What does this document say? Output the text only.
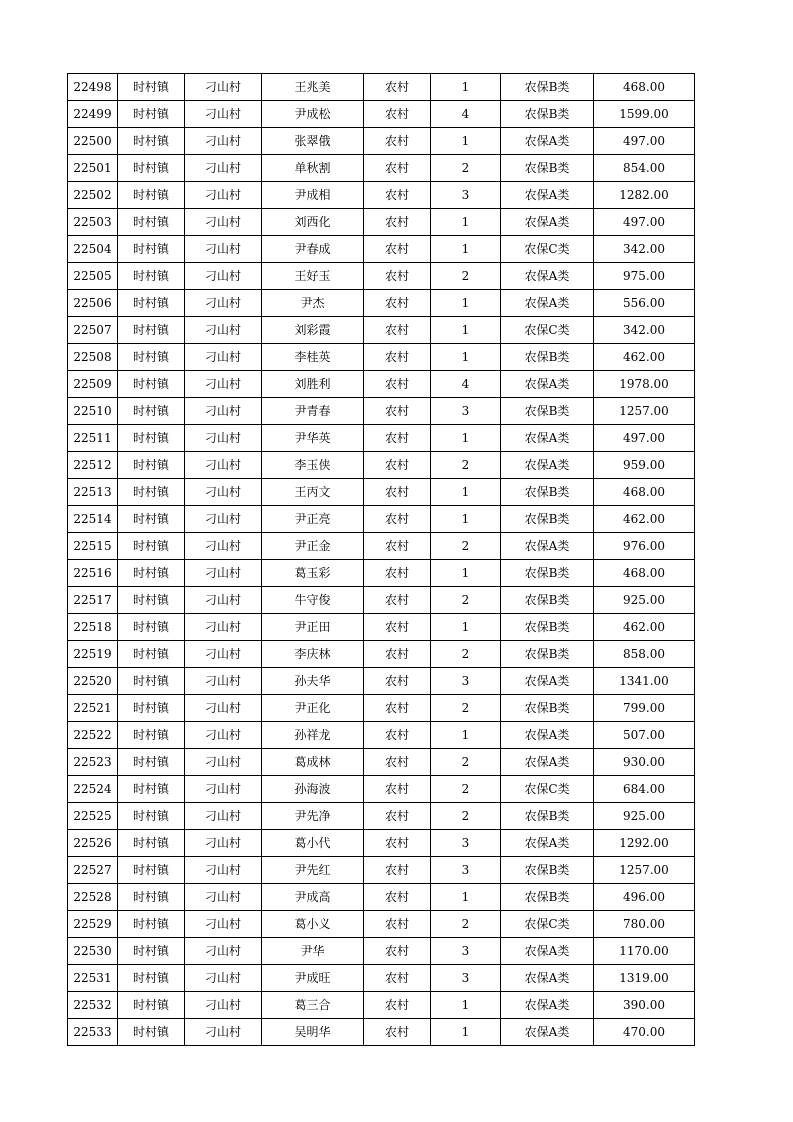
22498	时村镇	刁山村	王兆美	农村	1	农保B类	468.00
22499	时村镇	刁山村	尹成松	农村	4	农保B类	1599.00
22500	时村镇	刁山村	张翠俄	农村	1	农保A类	497.00
22501	时村镇	刁山村	单秋割	农村	2	农保B类	854.00
22502	时村镇	刁山村	尹成相	农村	3	农保A类	1282.00
22503	时村镇	刁山村	刘西化	农村	1	农保A类	497.00
22504	时村镇	刁山村	尹春成	农村	1	农保C类	342.00
22505	时村镇	刁山村	王好玉	农村	2	农保A类	975.00
22506	时村镇	刁山村	尹杰	农村	1	农保A类	556.00
22507	时村镇	刁山村	刘彩霞	农村	1	农保C类	342.00
22508	时村镇	刁山村	李桂英	农村	1	农保B类	462.00
22509	时村镇	刁山村	刘胜利	农村	4	农保A类	1978.00
22510	时村镇	刁山村	尹青春	农村	3	农保B类	1257.00
22511	时村镇	刁山村	尹华英	农村	1	农保A类	497.00
22512	时村镇	刁山村	李玉侠	农村	2	农保A类	959.00
22513	时村镇	刁山村	王丙文	农村	1	农保B类	468.00
22514	时村镇	刁山村	尹正亮	农村	1	农保B类	462.00
22515	时村镇	刁山村	尹正金	农村	2	农保A类	976.00
22516	时村镇	刁山村	葛玉彩	农村	1	农保B类	468.00
22517	时村镇	刁山村	牛守俊	农村	2	农保B类	925.00
22518	时村镇	刁山村	尹正田	农村	1	农保B类	462.00
22519	时村镇	刁山村	李庆林	农村	2	农保B类	858.00
22520	时村镇	刁山村	孙夫华	农村	3	农保A类	1341.00
22521	时村镇	刁山村	尹正化	农村	2	农保B类	799.00
22522	时村镇	刁山村	孙祥龙	农村	1	农保A类	507.00
22523	时村镇	刁山村	葛成林	农村	2	农保A类	930.00
22524	时村镇	刁山村	孙海波	农村	2	农保C类	684.00
22525	时村镇	刁山村	尹先净	农村	2	农保B类	925.00
22526	时村镇	刁山村	葛小代	农村	3	农保A类	1292.00
22527	时村镇	刁山村	尹先红	农村	3	农保B类	1257.00
22528	时村镇	刁山村	尹成高	农村	1	农保B类	496.00
22529	时村镇	刁山村	葛小义	农村	2	农保C类	780.00
22530	时村镇	刁山村	尹华	农村	3	农保A类	1170.00
22531	时村镇	刁山村	尹成旺	农村	3	农保A类	1319.00
22532	时村镇	刁山村	葛三合	农村	1	农保A类	390.00
22533	时村镇	刁山村	吴明华	农村	1	农保A类	470.00
